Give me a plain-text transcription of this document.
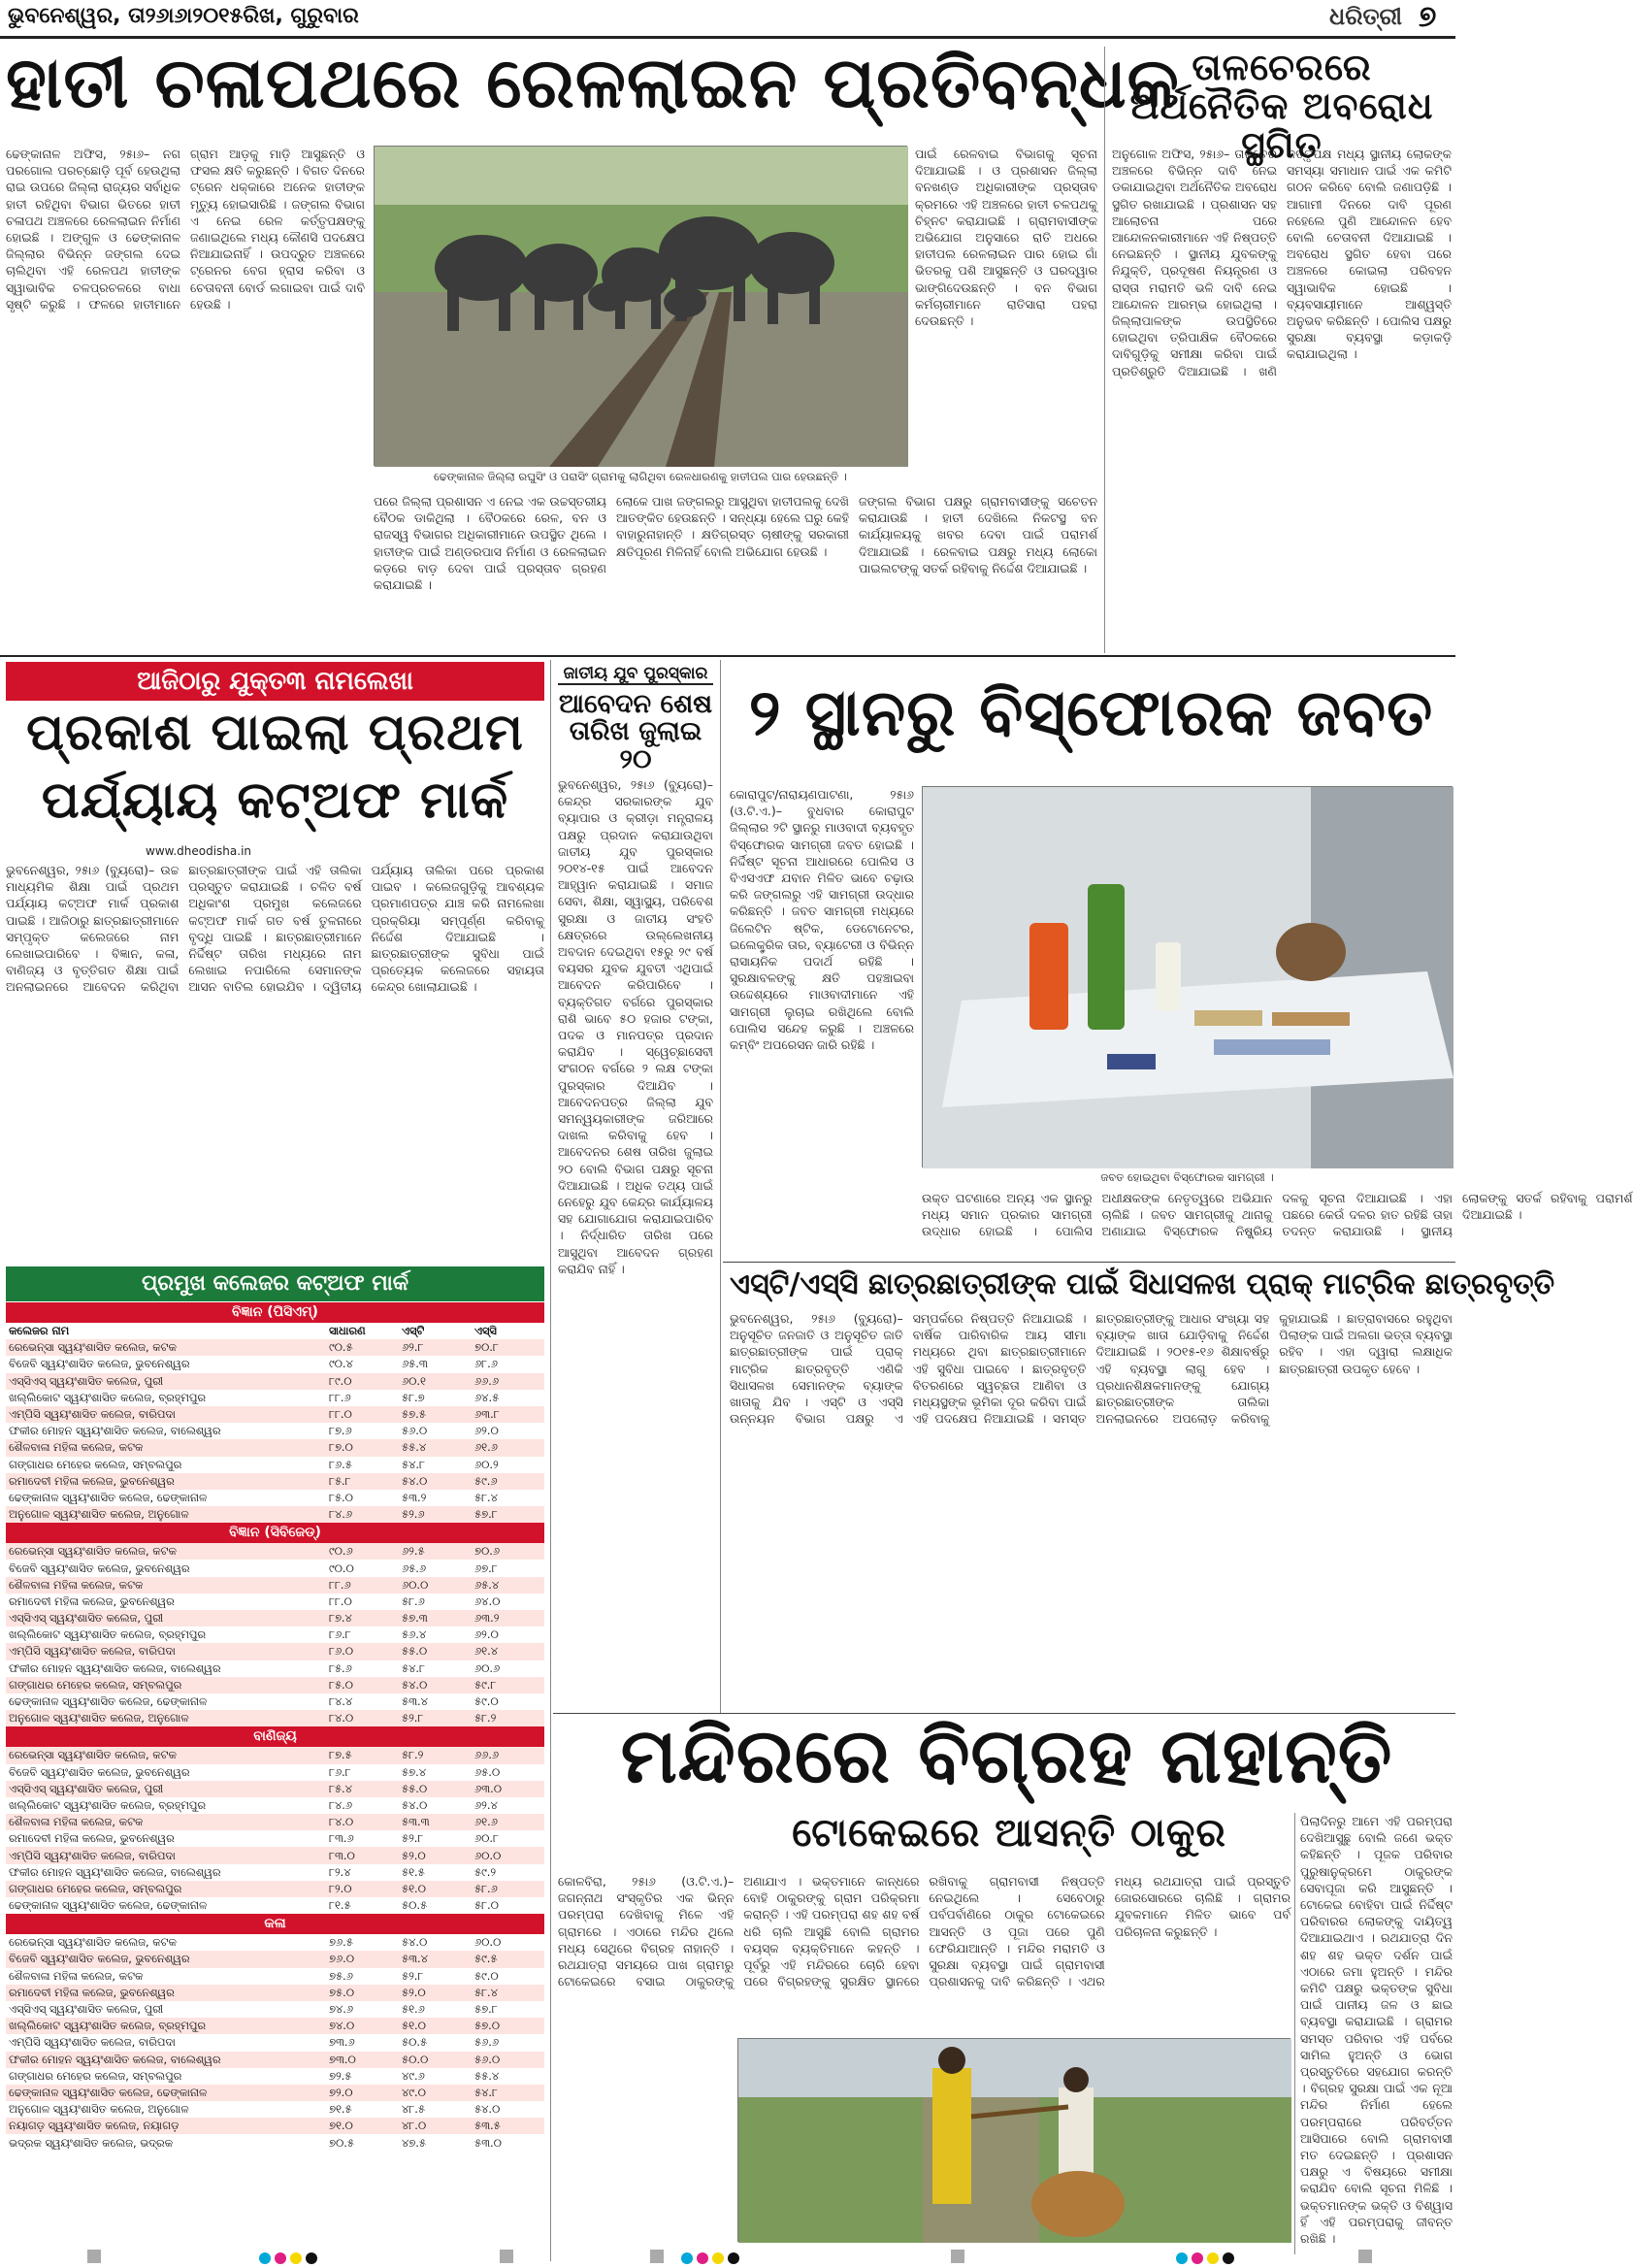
ଭୁବନେଶ୍ୱର, ତା୨୬ା୬ା୨୦୧୫ରିଖ, ଗୁରୁବାର	ଧରିତ୍ରୀ ୭
ହାତୀ ଚଳାପଥରେ ରେଳଲାଇନ ପ୍ରତିବନ୍ଧକ
ଢେଙ୍କାନାଳ ଅଫିସ, ୨୫ା୬– ନଗ ପରଗୋଲ ପରଚ୍ଛୋଡ଼ି ପୂର୍ବ ହେଉଥିଲା ରାଇ ଉପରେ ଜିଲ୍ଲା ରାଜ୍ୟର ସର୍ବାଧିକ ହାତୀ ରହିଥିବା ବିଭାଗ ଭିତରେ ହାତୀ ଚଳାପଥ ଅଞ୍ଚଳରେ ରେଳଲାଇନ ନିର୍ମାଣ ହୋଇଛି । ଅଙ୍ଗୁଳ ଓ ଢେଙ୍କାନାଳ ଜିଲ୍ଲାର ବିଭିନ୍ନ ଜଙ୍ଗଲ ଦେଇ ଚାଲିଥିବା ଏହି ରେଳପଥ ହାତୀଙ୍କ ସ୍ୱାଭାବିକ ଚଳପ୍ରଚଳରେ ବାଧା ସୃଷ୍ଟି କରୁଛି । ଫଳରେ ହାତୀମାନେ ଗ୍ରାମ ଆଡ଼କୁ ମାଡ଼ି ଆସୁଛନ୍ତି ଓ ଫସଲ କ୍ଷତି କରୁଛନ୍ତି । ବିଗତ ଦିନରେ ଟ୍ରେନ ଧକ୍କାରେ ଅନେକ ହାତୀଙ୍କ ମୃତ୍ୟୁ ହୋଇସାରିଛି । ଜଙ୍ଗଲ ବିଭାଗ ଏ ନେଇ ରେଳ କର୍ତ୍ତୃପକ୍ଷଙ୍କୁ ଜଣାଇଥିଲେ ମଧ୍ୟ କୌଣସି ପଦକ୍ଷେପ ନିଆଯାଇନାହିଁ । ଉପଦ୍ରୁତ ଅଞ୍ଚଳରେ ଟ୍ରେନର ବେଗ ହ୍ରାସ କରିବା ଓ ଚେତାବନୀ ବୋର୍ଡ ଲଗାଇବା ପାଇଁ ଦାବି ହେଉଛି ।
ଢେଙ୍କାନାଳ ଜିଲ୍ଲା ରଘୁସିଂ ଓ ପରାସିଂ ଗ୍ରାମକୁ ଲାଗିଥିବା ରେଳଧାରଣକୁ ହାତୀପଲ ପାର ହେଉଛନ୍ତି ।
ପାଇଁ ରେଳବାଇ ବିଭାଗକୁ ସୂଚନା ଦିଆଯାଇଛି । ଓ ପ୍ରଶାସନ ଜିଲ୍ଲା ବନଖଣ୍ଡ ଅଧିକାରୀଙ୍କ ପ୍ରସ୍ତାବ କ୍ରମରେ ଏହି ଅଞ୍ଚଳରେ ହାତୀ ଚଳପଥକୁ ଚିହ୍ନଟ କରାଯାଇଛି । ଗ୍ରାମବାସୀଙ୍କ ଅଭିଯୋଗ ଅନୁସାରେ ରାତି ଅଧରେ ହାତୀପଲ ରେଳଲାଇନ ପାର ହୋଇ ଗାଁ ଭିତରକୁ ପଶି ଆସୁଛନ୍ତି ଓ ଘରଦ୍ୱାର ଭାଙ୍ଗିଦେଉଛନ୍ତି । ବନ ବିଭାଗ କର୍ମଚାରୀମାନେ ରାତିସାରା ପହରା ଦେଉଛନ୍ତି ।
ପରେ ଜିଲ୍ଲା ପ୍ରଶାସନ ଏ ନେଇ ଏକ ଉଚ୍ଚସ୍ତରୀୟ ବୈଠକ ଡାକିଥିଲା । ବୈଠକରେ ରେଳ, ବନ ଓ ରାଜସ୍ୱ ବିଭାଗର ଅଧିକାରୀମାନେ ଉପସ୍ଥିତ ଥିଲେ । ହାତୀଙ୍କ ପାଇଁ ଅଣ୍ଡରପାସ ନିର୍ମାଣ ଓ ରେଳଲାଇନ କଡ଼ରେ ବାଡ଼ ଦେବା ପାଇଁ ପ୍ରସ୍ତାବ ଗ୍ରହଣ କରାଯାଇଛି ।
ଲୋକେ ପାଖ ଜଙ୍ଗଲରୁ ଆସୁଥିବା ହାତୀପଲକୁ ଦେଖି ଆତଙ୍କିତ ହେଉଛନ୍ତି । ସନ୍ଧ୍ୟା ହେଲେ ଘରୁ କେହି ବାହାରୁନାହାନ୍ତି । କ୍ଷତିଗ୍ରସ୍ତ ଚାଷୀଙ୍କୁ ସରକାରୀ କ୍ଷତିପୂରଣ ମିଳିନାହିଁ ବୋଲି ଅଭିଯୋଗ ହେଉଛି ।
ଜଙ୍ଗଲ ବିଭାଗ ପକ୍ଷରୁ ଗ୍ରାମବାସୀଙ୍କୁ ସଚେତନ କରାଯାଉଛି । ହାତୀ ଦେଖିଲେ ନିକଟସ୍ଥ ବନ କାର୍ଯ୍ୟାଳୟକୁ ଖବର ଦେବା ପାଇଁ ପରାମର୍ଶ ଦିଆଯାଇଛି । ରେଳବାଇ ପକ୍ଷରୁ ମଧ୍ୟ ଲୋକୋ ପାଇଲଟଙ୍କୁ ସତର୍କ ରହିବାକୁ ନିର୍ଦ୍ଦେଶ ଦିଆଯାଇଛି ।
ତାଳଚେରରେ ଅର୍ଥନୈତିକ ଅବରୋଧ ସ୍ଥଗିତ
ଅନୁଗୋଳ ଅଫିସ, ୨୫ା୬– ତାଳଚେର ଅଞ୍ଚଳରେ ବିଭିନ୍ନ ଦାବି ନେଇ ଡକାଯାଇଥିବା ଅର୍ଥନୈତିକ ଅବରୋଧ ସ୍ଥଗିତ ରଖାଯାଇଛି । ପ୍ରଶାସନ ସହ ଆଲୋଚନା ପରେ ଆନ୍ଦୋଳନକାରୀମାନେ ଏହି ନିଷ୍ପତ୍ତି ନେଇଛନ୍ତି । ସ୍ଥାନୀୟ ଯୁବକଙ୍କୁ ନିଯୁକ୍ତି, ପ୍ରଦୂଷଣ ନିୟନ୍ତ୍ରଣ ଓ ରାସ୍ତା ମରାମତି ଭଳି ଦାବି ନେଇ ଆନ୍ଦୋଳନ ଆରମ୍ଭ ହୋଇଥିଲା । ଜିଲ୍ଲାପାଳଙ୍କ ଉପସ୍ଥିତିରେ ହୋଇଥିବା ତ୍ରିପାକ୍ଷିକ ବୈଠକରେ ଦାବିଗୁଡ଼ିକୁ ସମୀକ୍ଷା କରିବା ପାଇଁ ପ୍ରତିଶ୍ରୁତି ଦିଆଯାଇଛି । ଖଣି କର୍ତ୍ତୃପକ୍ଷ ମଧ୍ୟ ସ୍ଥାନୀୟ ଲୋକଙ୍କ ସମସ୍ୟା ସମାଧାନ ପାଇଁ ଏକ କମିଟି ଗଠନ କରିବେ ବୋଲି ଜଣାପଡ଼ିଛି । ଆଗାମୀ ଦିନରେ ଦାବି ପୂରଣ ନହେଲେ ପୁଣି ଆନ୍ଦୋଳନ ହେବ ବୋଲି ଚେତାବନୀ ଦିଆଯାଇଛି । ଅବରୋଧ ସ୍ଥଗିତ ହେବା ପରେ ଅଞ୍ଚଳରେ କୋଇଲା ପରିବହନ ସ୍ୱାଭାବିକ ହୋଇଛି । ବ୍ୟବସାୟୀମାନେ ଆଶ୍ୱସ୍ତି ଅନୁଭବ କରିଛନ୍ତି । ପୋଲିସ ପକ୍ଷରୁ ସୁରକ୍ଷା ବ୍ୟବସ୍ଥା କଡ଼ାକଡ଼ି କରାଯାଇଥିଲା ।
ଆଜିଠାରୁ ଯୁକ୍ତ୩ ନାମଲେଖା
ପ୍ରକାଶ ପାଇଲା ପ୍ରଥମ
ପର୍ଯ୍ୟାୟ କଟ୍ଅଫ ମାର୍କ
www.dheodisha.in
ଭୁବନେଶ୍ୱର, ୨୫ା୬ (ବ୍ୟୁରୋ)– ଉଚ୍ଚ ମାଧ୍ୟମିକ ଶିକ୍ଷା ପାଇଁ ପ୍ରଥମ ପର୍ଯ୍ୟାୟ କଟ୍ଅଫ ମାର୍କ ପ୍ରକାଶ ପାଇଛି । ଆଜିଠାରୁ ଛାତ୍ରଛାତ୍ରୀମାନେ ସମ୍ପୃକ୍ତ କଲେଜରେ ନାମ ଲେଖାଇପାରିବେ । ବିଜ୍ଞାନ, କଳା, ବାଣିଜ୍ୟ ଓ ବୃତ୍ତିଗତ ଶିକ୍ଷା ପାଇଁ ଅନଲାଇନରେ ଆବେଦନ କରିଥିବା ଛାତ୍ରଛାତ୍ରୀଙ୍କ ପାଇଁ ଏହି ତାଲିକା ପ୍ରସ୍ତୁତ କରାଯାଇଛି । ଚଳିତ ବର୍ଷ ଅଧିକାଂଶ ପ୍ରମୁଖ କଲେଜରେ କଟ୍ଅଫ ମାର୍କ ଗତ ବର୍ଷ ତୁଳନାରେ ବୃଦ୍ଧି ପାଇଛି । ଛାତ୍ରଛାତ୍ରୀମାନେ ନିର୍ଦ୍ଦିଷ୍ଟ ତାରିଖ ମଧ୍ୟରେ ନାମ ଲେଖାଇ ନପାରିଲେ ସେମାନଙ୍କ ଆସନ ବାତିଲ ହୋଇଯିବ । ଦ୍ୱିତୀୟ ପର୍ଯ୍ୟାୟ ତାଲିକା ପରେ ପ୍ରକାଶ ପାଇବ । କଲେଜଗୁଡ଼ିକୁ ଆବଶ୍ୟକ ପ୍ରମାଣପତ୍ର ଯାଞ୍ଚ କରି ନାମଲେଖା ପ୍ରକ୍ରିୟା ସମ୍ପୂର୍ଣ୍ଣ କରିବାକୁ ନିର୍ଦ୍ଦେଶ ଦିଆଯାଇଛି । ଛାତ୍ରଛାତ୍ରୀଙ୍କ ସୁବିଧା ପାଇଁ ପ୍ରତ୍ୟେକ କଲେଜରେ ସହାୟତା କେନ୍ଦ୍ର ଖୋଲାଯାଇଛି ।
ପ୍ରମୁଖ କଲେଜର କଟ୍ଅଫ ମାର୍କ
ବିଜ୍ଞାନ (ପିସିଏମ୍)			
କଲେଜର ନାମ	ସାଧାରଣ	ଏସ୍ଟି	ଏସ୍ସି
ରେଭେନ୍ସା ସ୍ୱୟଂଶାସିତ କଲେଜ, କଟକ	୯୦.୫	୬୨.୮	୭୦.୮
ବିଜେବି ସ୍ୱୟଂଶାସିତ କଲେଜ, ଭୁବନେଶ୍ୱର	୯୦.୪	୬୫.୩	୬୮.୬
ଏସ୍ସିଏସ୍ ସ୍ୱୟଂଶାସିତ କଲେଜ, ପୁରୀ	୮୯.୦	୬୦.୧	୬୬.୬
ଖଲ୍ଲିକୋଟ ସ୍ୱୟଂଶାସିତ କଲେଜ, ବ୍ରହ୍ମପୁର	୮୮.୬	୫୮.୭	୬୪.୫
ଏମ୍ପିସି ସ୍ୱୟଂଶାସିତ କଲେଜ, ବାରିପଦା	୮୮.୦	୫୭.୫	୬୩.୮
ଫକୀର ମୋହନ ସ୍ୱୟଂଶାସିତ କଲେଜ, ବାଲେଶ୍ୱର	୮୭.୬	୫୬.୦	୬୨.୦
ଶୈଳବାଳା ମହିଳା କଲେଜ, କଟକ	୮୭.୦	୫୫.୪	୬୧.୬
ଗଙ୍ଗାଧର ମେହେର କଲେଜ, ସମ୍ବଲପୁର	୮୬.୫	୫୪.୮	୬୦.୨
ରମାଦେବୀ ମହିଳା କଲେଜ, ଭୁବନେଶ୍ୱର	୮୫.୮	୫୪.୦	୫୯.୬
ଢେଙ୍କାନାଳ ସ୍ୱୟଂଶାସିତ କଲେଜ, ଢେଙ୍କାନାଳ	୮୫.୦	୫୩.୨	୫୮.୪
ଅନୁଗୋଳ ସ୍ୱୟଂଶାସିତ କଲେଜ, ଅନୁଗୋଳ	୮୪.୬	୫୨.୬	୫୭.୮
ବିଜ୍ଞାନ (ସିବିଜେଡ୍)			
ରେଭେନ୍ସା ସ୍ୱୟଂଶାସିତ କଲେଜ, କଟକ	୯୦.୬	୬୨.୫	୭୦.୬
ବିଜେବି ସ୍ୱୟଂଶାସିତ କଲେଜ, ଭୁବନେଶ୍ୱର	୯୦.୦	୬୫.୬	୬୭.୮
ଶୈଳବାଳା ମହିଳା କଲେଜ, କଟକ	୮୮.୬	୬୦.୦	୬୫.୪
ରମାଦେବୀ ମହିଳା କଲେଜ, ଭୁବନେଶ୍ୱର	୮୮.୦	୫୮.୬	୬୪.୦
ଏସ୍ସିଏସ୍ ସ୍ୱୟଂଶାସିତ କଲେଜ, ପୁରୀ	୮୭.୪	୫୭.୩	୬୩.୨
ଖଲ୍ଲିକୋଟ ସ୍ୱୟଂଶାସିତ କଲେଜ, ବ୍ରହ୍ମପୁର	୮୬.୮	୫୬.୪	୬୨.୦
ଏମ୍ପିସି ସ୍ୱୟଂଶାସିତ କଲେଜ, ବାରିପଦା	୮୬.୦	୫୫.୦	୬୧.୪
ଫକୀର ମୋହନ ସ୍ୱୟଂଶାସିତ କଲେଜ, ବାଲେଶ୍ୱର	୮୫.୬	୫୪.୮	୬୦.୬
ଗଙ୍ଗାଧର ମେହେର କଲେଜ, ସମ୍ବଲପୁର	୮୫.୦	୫୪.୦	୫୯.୮
ଢେଙ୍କାନାଳ ସ୍ୱୟଂଶାସିତ କଲେଜ, ଢେଙ୍କାନାଳ	୮୪.୪	୫୩.୪	୫୯.୦
ଅନୁଗୋଳ ସ୍ୱୟଂଶାସିତ କଲେଜ, ଅନୁଗୋଳ	୮୪.୦	୫୨.୮	୫୮.୨
ବାଣିଜ୍ୟ			
ରେଭେନ୍ସା ସ୍ୱୟଂଶାସିତ କଲେଜ, କଟକ	୮୭.୫	୫୮.୨	୬୬.୬
ବିଜେବି ସ୍ୱୟଂଶାସିତ କଲେଜ, ଭୁବନେଶ୍ୱର	୮୬.୮	୫୭.୪	୬୫.୦
ଏସ୍ସିଏସ୍ ସ୍ୱୟଂଶାସିତ କଲେଜ, ପୁରୀ	୮୫.୪	୫୫.୦	୬୩.୦
ଖଲ୍ଲିକୋଟ ସ୍ୱୟଂଶାସିତ କଲେଜ, ବ୍ରହ୍ମପୁର	୮୪.୬	୫୪.୦	୬୨.୪
ଶୈଳବାଳା ମହିଳା କଲେଜ, କଟକ	୮୪.୦	୫୩.୩	୬୧.୬
ରମାଦେବୀ ମହିଳା କଲେଜ, ଭୁବନେଶ୍ୱର	୮୩.୬	୫୨.୮	୬୦.୮
ଏମ୍ପିସି ସ୍ୱୟଂଶାସିତ କଲେଜ, ବାରିପଦା	୮୩.୦	୫୨.୦	୬୦.୦
ଫକୀର ମୋହନ ସ୍ୱୟଂଶାସିତ କଲେଜ, ବାଲେଶ୍ୱର	୮୨.୪	୫୧.୫	୫୯.୨
ଗଙ୍ଗାଧର ମେହେର କଲେଜ, ସମ୍ବଲପୁର	୮୨.୦	୫୧.୦	୫୮.୬
ଢେଙ୍କାନାଳ ସ୍ୱୟଂଶାସିତ କଲେଜ, ଢେଙ୍କାନାଳ	୮୧.୫	୫୦.୫	୫୮.୦
କଳା			
ରେଭେନ୍ସା ସ୍ୱୟଂଶାସିତ କଲେଜ, କଟକ	୭୬.୫	୫୪.୦	୬୦.୦
ବିଜେବି ସ୍ୱୟଂଶାସିତ କଲେଜ, ଭୁବନେଶ୍ୱର	୭୬.୦	୫୩.୪	୫୯.୫
ଶୈଳବାଳା ମହିଳା କଲେଜ, କଟକ	୭୫.୬	୫୨.୮	୫୯.୦
ରମାଦେବୀ ମହିଳା କଲେଜ, ଭୁବନେଶ୍ୱର	୭୫.୦	୫୨.୦	୫୮.୪
ଏସ୍ସିଏସ୍ ସ୍ୱୟଂଶାସିତ କଲେଜ, ପୁରୀ	୭୪.୬	୫୧.୬	୫୭.୮
ଖଲ୍ଲିକୋଟ ସ୍ୱୟଂଶାସିତ କଲେଜ, ବ୍ରହ୍ମପୁର	୭୪.୦	୫୧.୦	୫୭.୦
ଏମ୍ପିସି ସ୍ୱୟଂଶାସିତ କଲେଜ, ବାରିପଦା	୭୩.୬	୫୦.୫	୫୬.୬
ଫକୀର ମୋହନ ସ୍ୱୟଂଶାସିତ କଲେଜ, ବାଲେଶ୍ୱର	୭୩.୦	୫୦.୦	୫୬.୦
ଗଙ୍ଗାଧର ମେହେର କଲେଜ, ସମ୍ବଲପୁର	୭୨.୫	୪୯.୬	୫୫.୪
ଢେଙ୍କାନାଳ ସ୍ୱୟଂଶାସିତ କଲେଜ, ଢେଙ୍କାନାଳ	୭୨.୦	୪୯.୦	୫୪.୮
ଅନୁଗୋଳ ସ୍ୱୟଂଶାସିତ କଲେଜ, ଅନୁଗୋଳ	୭୧.୫	୪୮.୫	୫୪.୦
ନୟାଗଡ଼ ସ୍ୱୟଂଶାସିତ କଲେଜ, ନୟାଗଡ଼	୭୧.୦	୪୮.୦	୫୩.୫
ଭଦ୍ରକ ସ୍ୱୟଂଶାସିତ କଲେଜ, ଭଦ୍ରକ	୭୦.୫	୪୭.୫	୫୩.୦
ଜାତୀୟ ଯୁବ ପୁରସ୍କାର
ଆବେଦନ ଶେଷ ତାରିଖ ଜୁଲାଇ ୨୦
ଭୁବନେଶ୍ୱର, ୨୫ା୬ (ବ୍ୟୁରୋ)– କେନ୍ଦ୍ର ସରକାରଙ୍କ ଯୁବ ବ୍ୟାପାର ଓ କ୍ରୀଡ଼ା ମନ୍ତ୍ରାଳୟ ପକ୍ଷରୁ ପ୍ରଦାନ କରାଯାଉଥିବା ଜାତୀୟ ଯୁବ ପୁରସ୍କାର ୨୦୧୪-୧୫ ପାଇଁ ଆବେଦନ ଆହ୍ୱାନ କରାଯାଇଛି । ସମାଜ ସେବା, ଶିକ୍ଷା, ସ୍ୱାସ୍ଥ୍ୟ, ପରିବେଶ ସୁରକ୍ଷା ଓ ଜାତୀୟ ସଂହତି କ୍ଷେତ୍ରରେ ଉଲ୍ଲେଖନୀୟ ଅବଦାନ ଦେଇଥିବା ୧୫ରୁ ୨୯ ବର୍ଷ ବୟସର ଯୁବକ ଯୁବତୀ ଏଥିପାଇଁ ଆବେଦନ କରିପାରିବେ । ବ୍ୟକ୍ତିଗତ ବର୍ଗରେ ପୁରସ୍କାର ରାଶି ଭାବେ ୫୦ ହଜାର ଟଙ୍କା, ପଦକ ଓ ମାନପତ୍ର ପ୍ରଦାନ କରାଯିବ । ସ୍ୱେଚ୍ଛାସେବୀ ସଂଗଠନ ବର୍ଗରେ ୨ ଲକ୍ଷ ଟଙ୍କା ପୁରସ୍କାର ଦିଆଯିବ । ଆବେଦନପତ୍ର ଜିଲ୍ଲା ଯୁବ ସମନ୍ୱୟକାରୀଙ୍କ ଜରିଆରେ ଦାଖଲ କରିବାକୁ ହେବ । ଆବେଦନର ଶେଷ ତାରିଖ ଜୁଲାଇ ୨୦ ବୋଲି ବିଭାଗ ପକ୍ଷରୁ ସୂଚନା ଦିଆଯାଇଛି । ଅଧିକ ତଥ୍ୟ ପାଇଁ ନେହେରୁ ଯୁବ କେନ୍ଦ୍ର କାର୍ଯ୍ୟାଳୟ ସହ ଯୋଗାଯୋଗ କରାଯାଇପାରିବ । ନିର୍ଦ୍ଧାରିତ ତାରିଖ ପରେ ଆସୁଥିବା ଆବେଦନ ଗ୍ରହଣ କରାଯିବ ନାହିଁ ।
୨ ସ୍ଥାନରୁ ବିସ୍ଫୋରକ ଜବତ
କୋରାପୁଟ/ନାରାୟଣପାଟଣା, ୨୫ା୬ (ଓ.ଟି.ଏ.)– ବୁଧବାର କୋରାପୁଟ ଜିଲ୍ଲାର ୨ଟି ସ୍ଥାନରୁ ମାଓବାଦୀ ବ୍ୟବହୃତ ବିସ୍ଫୋରକ ସାମଗ୍ରୀ ଜବତ ହୋଇଛି । ନିର୍ଦ୍ଦିଷ୍ଟ ସୂଚନା ଆଧାରରେ ପୋଲିସ ଓ ବିଏସଏଫ ଯବାନ ମିଳିତ ଭାବେ ଚଢ଼ାଉ କରି ଜଙ୍ଗଲରୁ ଏହି ସାମଗ୍ରୀ ଉଦ୍ଧାର କରିଛନ୍ତି । ଜବତ ସାମଗ୍ରୀ ମଧ୍ୟରେ ଜିଲେଟିନ ଷ୍ଟିକ, ଡେଟୋନେଟର, ଇଲେକ୍ଟ୍ରିକ ତାର, ବ୍ୟାଟେରୀ ଓ ବିଭିନ୍ନ ରାସାୟନିକ ପଦାର୍ଥ ରହିଛି । ସୁରକ୍ଷାବଳଙ୍କୁ କ୍ଷତି ପହଞ୍ଚାଇବା ଉଦ୍ଦେଶ୍ୟରେ ମାଓବାଦୀମାନେ ଏହି ସାମଗ୍ରୀ ଲୁଚାଇ ରଖିଥିଲେ ବୋଲି ପୋଲିସ ସନ୍ଦେହ କରୁଛି । ଅଞ୍ଚଳରେ କମ୍ବିଂ ଅପରେସନ ଜାରି ରହିଛି ।
ଜବତ ହୋଇଥିବା ବିସ୍ଫୋରକ ସାମଗ୍ରୀ ।
ଉକ୍ତ ଘଟଣାରେ ଅନ୍ୟ ଏକ ସ୍ଥାନରୁ ମଧ୍ୟ ସମାନ ପ୍ରକାର ସାମଗ୍ରୀ ଉଦ୍ଧାର ହୋଇଛି । ପୋଲିସ ଅଧୀକ୍ଷକଙ୍କ ନେତୃତ୍ୱରେ ଅଭିଯାନ ଚାଲିଛି । ଜବତ ସାମଗ୍ରୀକୁ ଥାନାକୁ ଅଣାଯାଇ ବିସ୍ଫୋରକ ନିଷ୍କ୍ରିୟ ଦଳକୁ ସୂଚନା ଦିଆଯାଇଛି । ଏହା ପଛରେ କେଉଁ ଦଳର ହାତ ରହିଛି ତାହା ତଦନ୍ତ କରାଯାଉଛି । ସ୍ଥାନୀୟ ଲୋକଙ୍କୁ ସତର୍କ ରହିବାକୁ ପରାମର୍ଶ ଦିଆଯାଇଛି ।
ଏସ୍ଟି/ଏସ୍ସି ଛାତ୍ରଛାତ୍ରୀଙ୍କ ପାଇଁ ସିଧାସଳଖ ପ୍ରାକ୍ ମାଟ୍ରିକ ଛାତ୍ରବୃତ୍ତି
ଭୁବନେଶ୍ୱର, ୨୫ା୬ (ବ୍ୟୁରୋ)– ଅନୁସୂଚିତ ଜନଜାତି ଓ ଅନୁସୂଚିତ ଜାତି ଛାତ୍ରଛାତ୍ରୀଙ୍କ ପାଇଁ ପ୍ରାକ୍ ମାଟ୍ରିକ ଛାତ୍ରବୃତ୍ତି ଏଣିକି ସିଧାସଳଖ ସେମାନଙ୍କ ବ୍ୟାଙ୍କ ଖାତାକୁ ଯିବ । ଏସ୍ଟି ଓ ଏସ୍ସି ଉନ୍ନୟନ ବିଭାଗ ପକ୍ଷରୁ ଏ ସମ୍ପର୍କରେ ନିଷ୍ପତ୍ତି ନିଆଯାଇଛି । ବାର୍ଷିକ ପାରିବାରିକ ଆୟ ସୀମା ମଧ୍ୟରେ ଥିବା ଛାତ୍ରଛାତ୍ରୀମାନେ ଏହି ସୁବିଧା ପାଇବେ । ଛାତ୍ରବୃତ୍ତି ବିତରଣରେ ସ୍ୱଚ୍ଛତା ଆଣିବା ଓ ମଧ୍ୟସ୍ଥଙ୍କ ଭୂମିକା ଦୂର କରିବା ପାଇଁ ଏହି ପଦକ୍ଷେପ ନିଆଯାଇଛି । ସମସ୍ତ ଛାତ୍ରଛାତ୍ରୀଙ୍କୁ ଆଧାର ସଂଖ୍ୟା ସହ ବ୍ୟାଙ୍କ ଖାତା ଯୋଡ଼ିବାକୁ ନିର୍ଦ୍ଦେଶ ଦିଆଯାଇଛି । ୨୦୧୫-୧୬ ଶିକ୍ଷାବର୍ଷରୁ ଏହି ବ୍ୟବସ୍ଥା ଲାଗୁ ହେବ । ପ୍ରଧାନଶିକ୍ଷକମାନଙ୍କୁ ଯୋଗ୍ୟ ଛାତ୍ରଛାତ୍ରୀଙ୍କ ତାଲିକା ଅନଲାଇନରେ ଅପଲୋଡ଼ କରିବାକୁ କୁହାଯାଇଛି । ଛାତ୍ରାବାସରେ ରହୁଥିବା ପିଲାଙ୍କ ପାଇଁ ଅଲଗା ଭତ୍ତା ବ୍ୟବସ୍ଥା ରହିବ । ଏହା ଦ୍ୱାରା ଲକ୍ଷାଧିକ ଛାତ୍ରଛାତ୍ରୀ ଉପକୃତ ହେବେ ।
ମନ୍ଦିରରେ ବିଗ୍ରହ ନାହାନ୍ତି
ଟୋକେଇରେ ଆସନ୍ତି ଠାକୁର
କୋଳବିରା, ୨୫ା୬ (ଓ.ଟି.ଏ.)– ଜଗନ୍ନାଥ ସଂସ୍କୃତିର ଏକ ଭିନ୍ନ ପରମ୍ପରା ଦେଖିବାକୁ ମିଳେ ଏହି ଗ୍ରାମରେ । ଏଠାରେ ମନ୍ଦିର ଥିଲେ ମଧ୍ୟ ସେଥିରେ ବିଗ୍ରହ ନାହାନ୍ତି । ରଥଯାତ୍ରା ସମୟରେ ପାଖ ଗ୍ରାମରୁ ଟୋକେଇରେ ବସାଇ ଠାକୁରଙ୍କୁ ଅଣାଯାଏ । ଭକ୍ତମାନେ କାନ୍ଧରେ ବୋହି ଠାକୁରଙ୍କୁ ଗ୍ରାମ ପରିକ୍ରମା କରାନ୍ତି । ଏହି ପରମ୍ପରା ଶହ ଶହ ବର୍ଷ ଧରି ଚାଲି ଆସୁଛି ବୋଲି ଗ୍ରାମର ବୟସ୍କ ବ୍ୟକ୍ତିମାନେ କହନ୍ତି । ପୂର୍ବରୁ ଏହି ମନ୍ଦିରରେ ଚୋରି ହେବା ପରେ ବିଗ୍ରହଙ୍କୁ ସୁରକ୍ଷିତ ସ୍ଥାନରେ ରଖିବାକୁ ଗ୍ରାମବାସୀ ନିଷ୍ପତ୍ତି ନେଇଥିଲେ । ସେବେଠାରୁ ପର୍ବପର୍ବାଣିରେ ଠାକୁର ଟୋକେଇରେ ଆସନ୍ତି ଓ ପୂଜା ପରେ ପୁଣି ଫେରିଯାଆନ୍ତି । ମନ୍ଦିର ମରାମତି ଓ ସୁରକ୍ଷା ବ୍ୟବସ୍ଥା ପାଇଁ ଗ୍ରାମବାସୀ ପ୍ରଶାସନକୁ ଦାବି କରିଛନ୍ତି । ଏଥର ମଧ୍ୟ ରଥଯାତ୍ରା ପାଇଁ ପ୍ରସ୍ତୁତି ଜୋରସୋରରେ ଚାଲିଛି । ଗ୍ରାମର ଯୁବକମାନେ ମିଳିତ ଭାବେ ପର୍ବ ପରିଚାଳନା କରୁଛନ୍ତି ।
ପିଲାଦିନରୁ ଆମେ ଏହି ପରମ୍ପରା ଦେଖିଆସୁଛୁ ବୋଲି ଜଣେ ଭକ୍ତ କହିଛନ୍ତି । ପୂଜକ ପରିବାର ପୁରୁଷାନୁକ୍ରମେ ଠାକୁରଙ୍କ ସେବାପୂଜା କରି ଆସୁଛନ୍ତି । ଟୋକେଇ ବୋହିବା ପାଇଁ ନିର୍ଦ୍ଦିଷ୍ଟ ପରିବାରର ଲୋକଙ୍କୁ ଦାୟିତ୍ୱ ଦିଆଯାଇଥାଏ । ରଥଯାତ୍ରା ଦିନ ଶହ ଶହ ଭକ୍ତ ଦର୍ଶନ ପାଇଁ ଏଠାରେ ଜମା ହୁଅନ୍ତି । ମନ୍ଦିର କମିଟି ପକ୍ଷରୁ ଭକ୍ତଙ୍କ ସୁବିଧା ପାଇଁ ପାନୀୟ ଜଳ ଓ ଛାଇ ବ୍ୟବସ୍ଥା କରାଯାଇଛି । ଗ୍ରାମର ସମସ୍ତ ପରିବାର ଏହି ପର୍ବରେ ସାମିଲ ହୁଅନ୍ତି ଓ ଭୋଗ ପ୍ରସ୍ତୁତିରେ ସହଯୋଗ କରନ୍ତି । ବିଗ୍ରହ ସୁରକ୍ଷା ପାଇଁ ଏକ ନୂଆ ମନ୍ଦିର ନିର୍ମାଣ ହେଲେ ପରମ୍ପରାରେ ପରିବର୍ତ୍ତନ ଆସିପାରେ ବୋଲି ଗ୍ରାମବାସୀ ମତ ଦେଇଛନ୍ତି । ପ୍ରଶାସନ ପକ୍ଷରୁ ଏ ବିଷୟରେ ସମୀକ୍ଷା କରାଯିବ ବୋଲି ସୂଚନା ମିଳିଛି । ଭକ୍ତମାନଙ୍କ ଭକ୍ତି ଓ ବିଶ୍ୱାସ ହିଁ ଏହି ପରମ୍ପରାକୁ ଜୀବନ୍ତ ରଖିଛି ।
